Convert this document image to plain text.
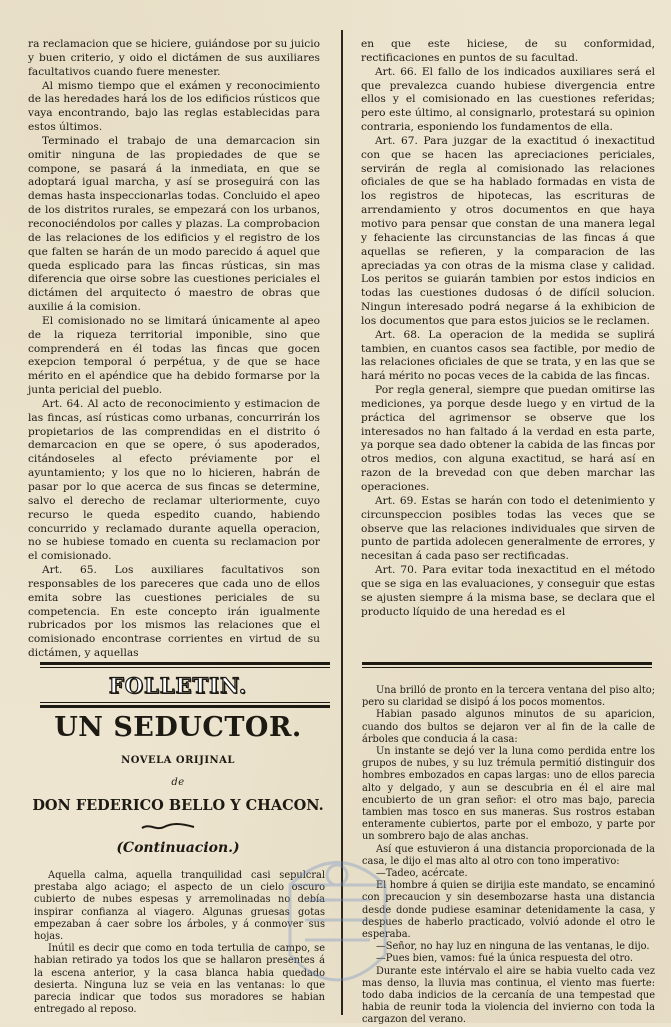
ra reclamacion que se hiciere, guiándose por su juicio y buen criterio, y oido el dictámen de sus auxiliares facultativos cuando fuere menester.

Al mismo tiempo que el exámen y reconocimiento de las heredades hará los de los edificios rústicos que vaya encontrando, bajo las reglas establecidas para estos últimos.

Terminado el trabajo de una demarcacion sin omitir ninguna de las propiedades de que se compone, se pasará á la inmediata, en que se adoptará igual marcha, y así se proseguirá con las demas hasta inspeccionarlas todas. Concluido el apeo de los distritos rurales, se empezará con los urbanos, reconociéndolos por calles y plazas. La comprobacion de las relaciones de los edificios y el registro de los que falten se harán de un modo parecido á aquel que queda esplicado para las fincas rústicas, sin mas diferencia que oirse sobre las cuestiones periciales el dictámen del arquitecto ó maestro de obras que auxilie á la comision.

El comisionado no se limitará únicamente al apeo de la riqueza territorial imponible, sino que comprenderá en él todas las fincas que gocen exepcion temporal ó perpétua, y de que se hace mérito en el apéndice que ha debido formarse por la junta pericial del pueblo.

Art. 64. Al acto de reconocimiento y estimacion de las fincas, así rústicas como urbanas, concurrirán los propietarios de las comprendidas en el distrito ó demarcacion en que se opere, ó sus apoderados, citándoseles al efecto préviamente por el ayuntamiento; y los que no lo hicieren, habrán de pasar por lo que acerca de sus fincas se determine, salvo el derecho de reclamar ulteriormente, cuyo recurso le queda espedito cuando, habiendo concurrido y reclamado durante aquella operacion, no se hubiese tomado en cuenta su reclamacion por el comisionado.

Art. 65. Los auxiliares facultativos son responsables de los pareceres que cada uno de ellos emita sobre las cuestiones periciales de su competencia. En este concepto irán igualmente rubricados por los mismos las relaciones que el comisionado encontrase corrientes en virtud de su dictámen, y aquellas

en que este hiciese, de su conformidad, rectificaciones en puntos de su facultad.

Art. 66. El fallo de los indicados auxiliares será el que prevalezca cuando hubiese divergencia entre ellos y el comisionado en las cuestiones referidas; pero este último, al consignarlo, protestará su opinion contraria, esponiendo los fundamentos de ella.

Art. 67. Para juzgar de la exactitud ó inexactitud con que se hacen las apreciaciones periciales, servirán de regla al comisionado las relaciones oficiales de que se ha hablado formadas en vista de los registros de hipotecas, las escrituras de arrendamiento y otros documentos en que haya motivo para pensar que constan de una manera legal y fehaciente las circunstancias de las fincas á que aquellas se refieren, y la comparacion de las apreciadas ya con otras de la misma clase y calidad. Los peritos se guiarán tambien por estos indicios en todas las cuestiones dudosas ó de difícil solucion. Ningun interesado podrá negarse á la exhibicion de los documentos que para estos juicios se le reclamen.

Art. 68. La operacion de la medida se suplirá tambien, en cuantos casos sea factible, por medio de las relaciones oficiales de que se trata, y en las que se hará mérito no pocas veces de la cabida de las fincas.

Por regla general, siempre que puedan omitirse las mediciones, ya porque desde luego y en virtud de la práctica del agrimensor se observe que los interesados no han faltado á la verdad en esta parte, ya porque sea dado obtener la cabida de las fincas por otros medios, con alguna exactitud, se hará así en razon de la brevedad con que deben marchar las operaciones.

Art. 69. Estas se harán con todo el detenimiento y circunspeccion posibles todas las veces que se observe que las relaciones individuales que sirven de punto de partida adolecen generalmente de errores, y necesitan á cada paso ser rectificadas.

Art. 70. Para evitar toda inexactitud en el método que se siga en las evaluaciones, y conseguir que estas se ajusten siempre á la misma base, se declara que el producto líquido de una heredad es el

FOLLETIN.
UN SEDUCTOR.
NOVELA ORIJINAL
de
DON FEDERICO BELLO Y CHACON.
(Continuacion.)

Aquella calma, aquella tranquilidad casi sepulcral prestaba algo aciago; el aspecto de un cielo oscuro cubierto de nubes espesas y arremolinadas no debía inspirar confianza al viagero. Algunas gruesas gotas empezaban á caer sobre los árboles, y á conmover sus hojas.

Inútil es decir que como en toda tertulia de campo, se habian retirado ya todos los que se hallaron presentes á la escena anterior, y la casa blanca habia quedado desierta. Ninguna luz se veia en las ventanas: lo que parecia indicar que todos sus moradores se habian entregado al reposo.

Una brilló de pronto en la tercera ventana del piso alto; pero su claridad se disipó á los pocos momentos.

Habian pasado algunos minutos de su aparicion, cuando dos bultos se dejaron ver al fin de la calle de árboles que conducia á la casa:

Un instante se dejó ver la luna como perdida entre los grupos de nubes, y su luz trémula permitió distinguir dos hombres embozados en capas largas: uno de ellos parecia alto y delgado, y aun se descubria en él el aire mal encubierto de un gran señor: el otro mas bajo, parecia tambien mas tosco en sus maneras. Sus rostros estaban enteramente cubiertos, parte por el embozo, y parte por un sombrero bajo de alas anchas.

Así que estuvieron á una distancia proporcionada de la casa, le dijo el mas alto al otro con tono imperativo:

—Tadeo, acércate.

El hombre á quien se dirijia este mandato, se encaminó con precaucion y sin desembozarse hasta una distancia desde donde pudiese esaminar detenidamente la casa, y despues de haberlo practicado, volvió adonde el otro le esperaba.

—Señor, no hay luz en ninguna de las ventanas, le dijo.

—Pues bien, vamos: fué la única respuesta del otro.

Durante este intérvalo el aire se habia vuelto cada vez mas denso, la lluvia mas continua, el viento mas fuerte: todo daba indicios de la cercanía de una tempestad que habia de reunir toda la violencia del invierno con toda la cargazon del verano.
